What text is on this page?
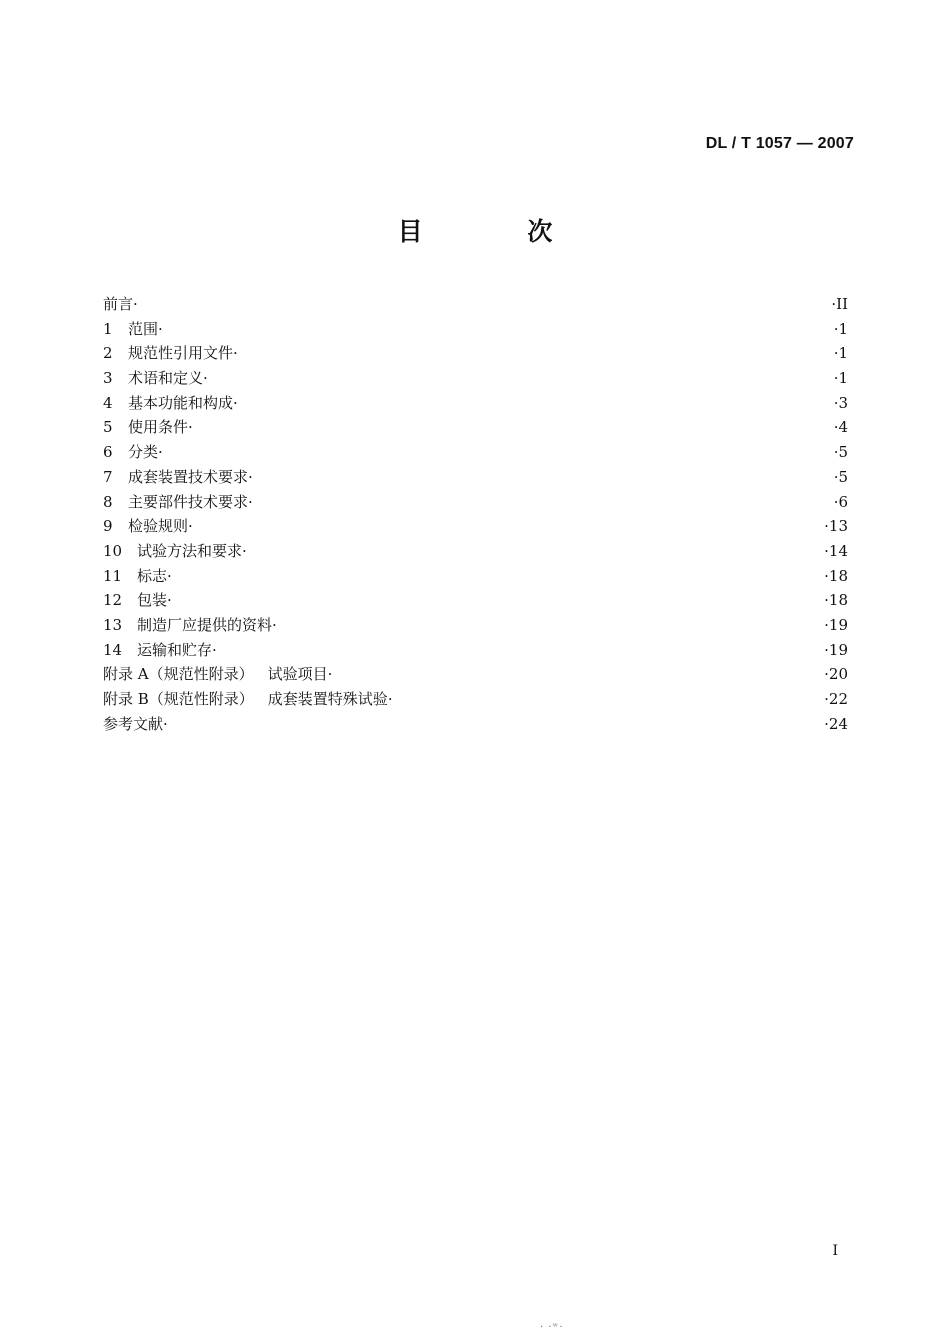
DL / T 1057 — 2007
目 次
前言·	·II
1 范围·	·1
2 规范性引用文件·	·1
3 术语和定义·	·1
4 基本功能和构成·	·3
5 使用条件·	·4
6 分类·	·5
7 成套装置技术要求·	·5
8 主要部件技术要求·	·6
9 检验规则·	·13
10 试验方法和要求·	·14
11 标志·	·18
12 包装·	·18
13 制造厂应提供的资料·	·19
14 运输和贮存·	·19
附录 A（规范性附录） 试验项目·	·20
附录 B（规范性附录） 成套装置特殊试验·	·22
参考文献·	·24
I
· ·ʷ·
